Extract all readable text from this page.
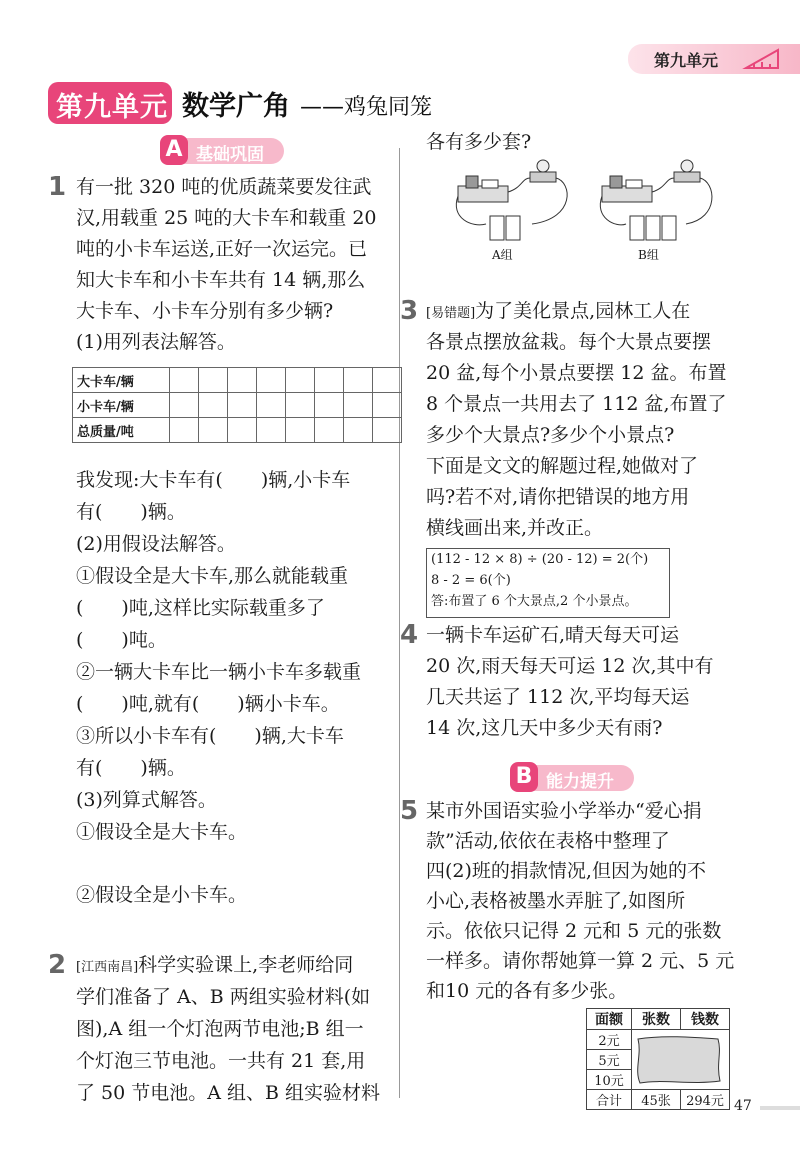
第九单元
第九单元 数学广角 ——鸡兔同笼
A 基础巩固
1 有一批 320 吨的优质蔬菜要发往武
汉,用载重 25 吨的大卡车和载重 20
吨的小卡车运送,正好一次运完。已
知大卡车和小卡车共有 14 辆,那么
大卡车、小卡车分别有多少辆?
(1)用列表法解答。
大卡车/辆								
小卡车/辆								
总质量/吨								
我发现:大卡车有(　　)辆,小卡车
有(　　)辆。
(2)用假设法解答。
①假设全是大卡车,那么就能载重
(　　)吨,这样比实际载重多了
(　　)吨。
②一辆大卡车比一辆小卡车多载重
(　　)吨,就有(　　)辆小卡车。
③所以小卡车有(　　)辆,大卡车
有(　　)辆。
(3)列算式解答。
①假设全是大卡车。
②假设全是小卡车。
2 [江西南昌]科学实验课上,李老师给同
学们准备了 A、B 两组实验材料(如
图),A 组一个灯泡两节电池;B 组一
个灯泡三节电池。一共有 21 套,用
了 50 节电池。A 组、B 组实验材料
各有多少套?
A组	B组
3 [易错题]为了美化景点,园林工人在
各景点摆放盆栽。每个大景点要摆
20 盆,每个小景点要摆 12 盆。布置
8 个景点一共用去了 112 盆,布置了
多少个大景点?多少个小景点?
下面是文文的解题过程,她做对了
吗?若不对,请你把错误的地方用
(112 - 12 × 8) ÷ (20 - 12) = 2(个)
8 - 2 = 6(个)
答:布置了 6 个大景点,2 个小景点。
4 一辆卡车运矿石,晴天每天可运
20 次,雨天每天可运 12 次,其中有
几天共运了 112 次,平均每天运
14 次,这几天中多少天有雨?
B 能力提升
5 某市外国语实验小学举办“爱心捐
款”活动,依依在表格中整理了
四(2)班的捐款情况,但因为她的不
小心,表格被墨水弄脏了,如图所
示。依依只记得 2 元和 5 元的张数
一样多。请你帮她算一算 2 元、5 元
面额	张数	钱数
2元	

5元		
10元		
合计	45张	294元 47
横线画出来,并改正。
和10 元的各有多少张。
